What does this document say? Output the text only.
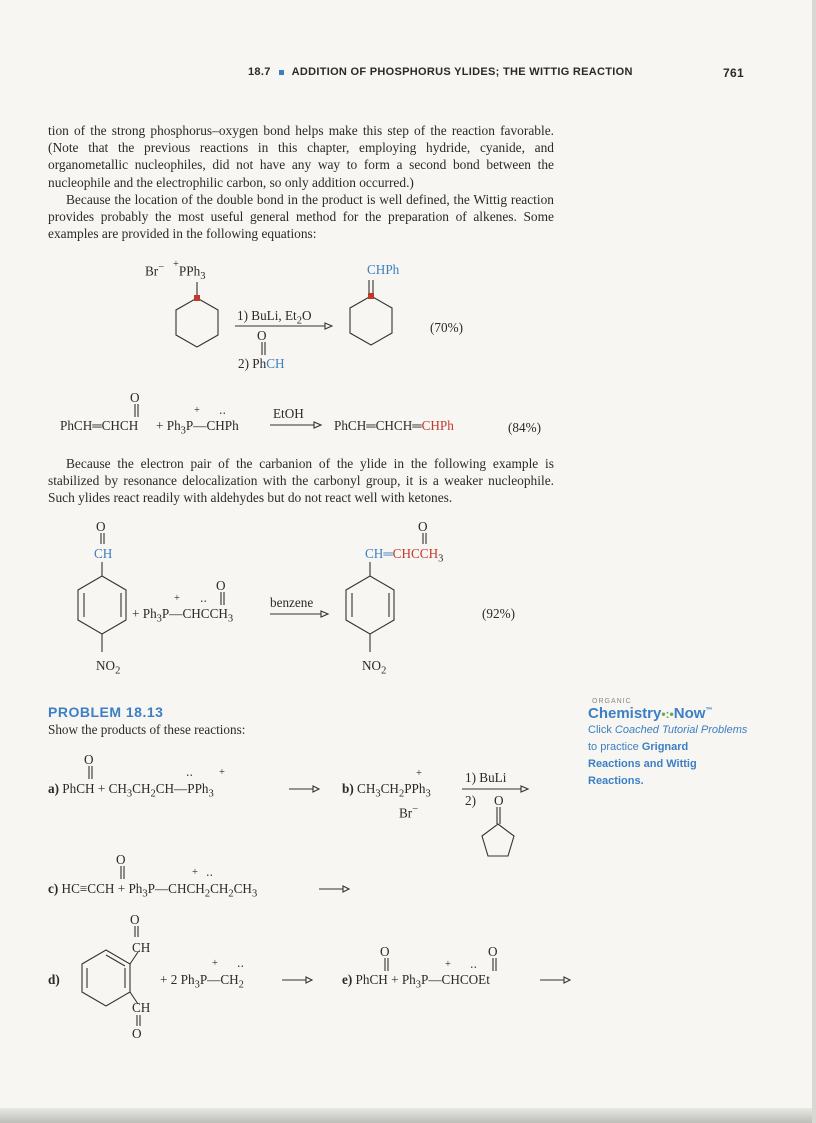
18.7 ADDITION OF PHOSPHORUS YLIDES; THE WITTIG REACTION	761

tion of the strong phosphorus–oxygen bond helps make this step of the reaction favorable. (Note that the previous reactions in this chapter, employing hydride, cyanide, and organometallic nucleophiles, did not have any way to form a second bond between the nucleophile and the electrophilic carbon, so only addition occurred.)

Because the location of the double bond in the product is well defined, the Wittig reaction provides probably the most useful general method for the preparation of alkenes. Some examples are provided in the following equations:

Br− +PPh$_3$
1) BuLi, $Et_2O$
O
2) PhCH
CHPh
(70%)
O
PhCH═CHCH
+ ‥
+ $Ph_3P—CHPh$
EtOH
→ PhCH═CHCH═CHPh	(84%)

Because the electron pair of the carbanion of the ylide in the following example is stabilized by resonance delocalization with the carbonyl group, it is a weaker nucleophile. Such ylides react readily with aldehydes but do not react well with ketones.

O
CH
$NO_2$
O
+ ‥
+ $Ph_3P—CHCCH_3$
benzene
O
$CH═CHCCH_3$
$NO_2$
(92%)
PROBLEM 18.13
Show the products of these reactions:
O
‥ +
a) PhCH + $CH_3CH_2CH—PPh_3$
+
b) $CH_3CH_2PPh_3$
Br−
1) BuLi
2) O
O
+ ‥
c) $HC\equiv CCH + Ph_3P—CHCH_2CH_2CH_3$
O
CH
d)
CH
O
+ ‥
+ 2 $Ph_3P—CH_2$
O	O
+ ‥
e) PhCH + $Ph_3P—CHCOEt$
ORGANIC
Chemistry•:•Now™
Click Coached Tutorial Problems
to practice Grignard
Reactions and Wittig
Reactions.
